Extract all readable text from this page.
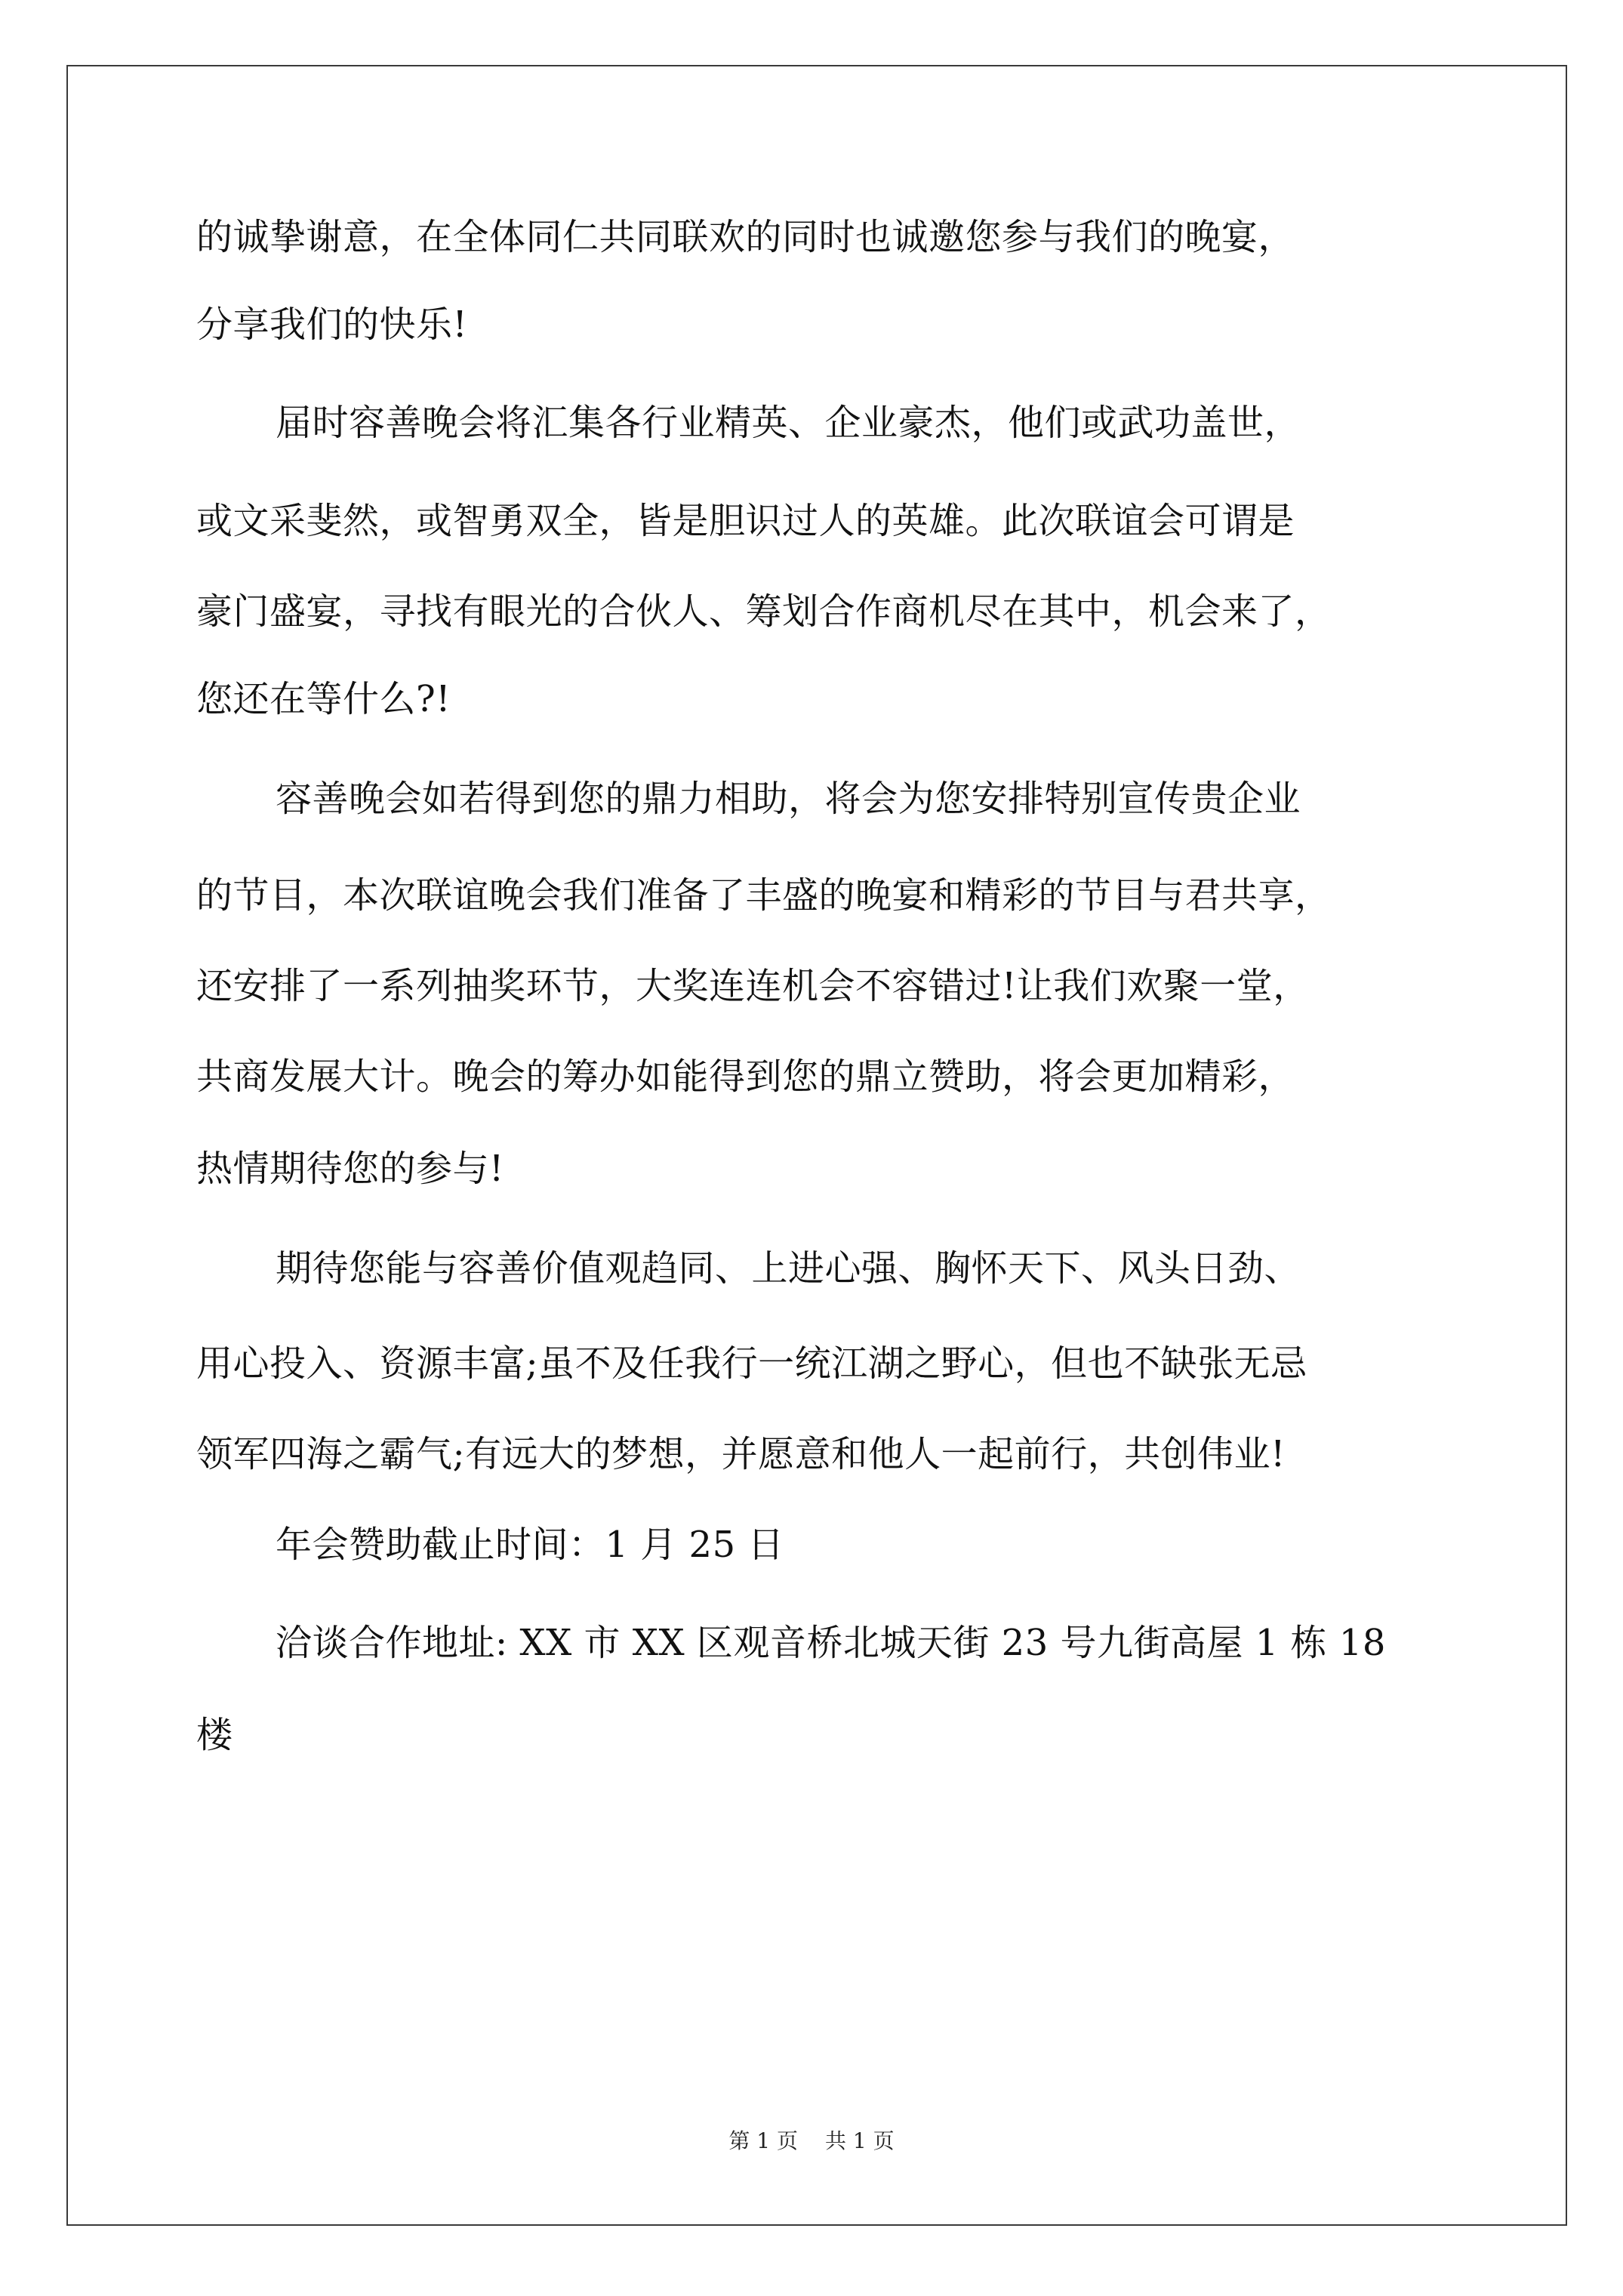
的诚挚谢意，在全体同仁共同联欢的同时也诚邀您参与我们的晚宴，
分享我们的快乐!
届时容善晚会将汇集各行业精英、企业豪杰，他们或武功盖世，
或文采斐然，或智勇双全，皆是胆识过人的英雄。此次联谊会可谓是
豪门盛宴，寻找有眼光的合伙人、筹划合作商机尽在其中，机会来了，
您还在等什么?!
容善晚会如若得到您的鼎力相助，将会为您安排特别宣传贵企业
的节目，本次联谊晚会我们准备了丰盛的晚宴和精彩的节目与君共享，
还安排了一系列抽奖环节，大奖连连机会不容错过!让我们欢聚一堂，
共商发展大计。晚会的筹办如能得到您的鼎立赞助，将会更加精彩，
热情期待您的参与!
期待您能与容善价值观趋同、上进心强、胸怀天下、风头日劲、
用心投入、资源丰富;虽不及任我行一统江湖之野心，但也不缺张无忌
领军四海之霸气;有远大的梦想，并愿意和他人一起前行，共创伟业!
年会赞助截止时间：1 月 25 日
洽谈合作地址: XX 市 XX 区观音桥北城天街 23 号九街高屋 1 栋 18
楼
第 1 页 共 1 页
